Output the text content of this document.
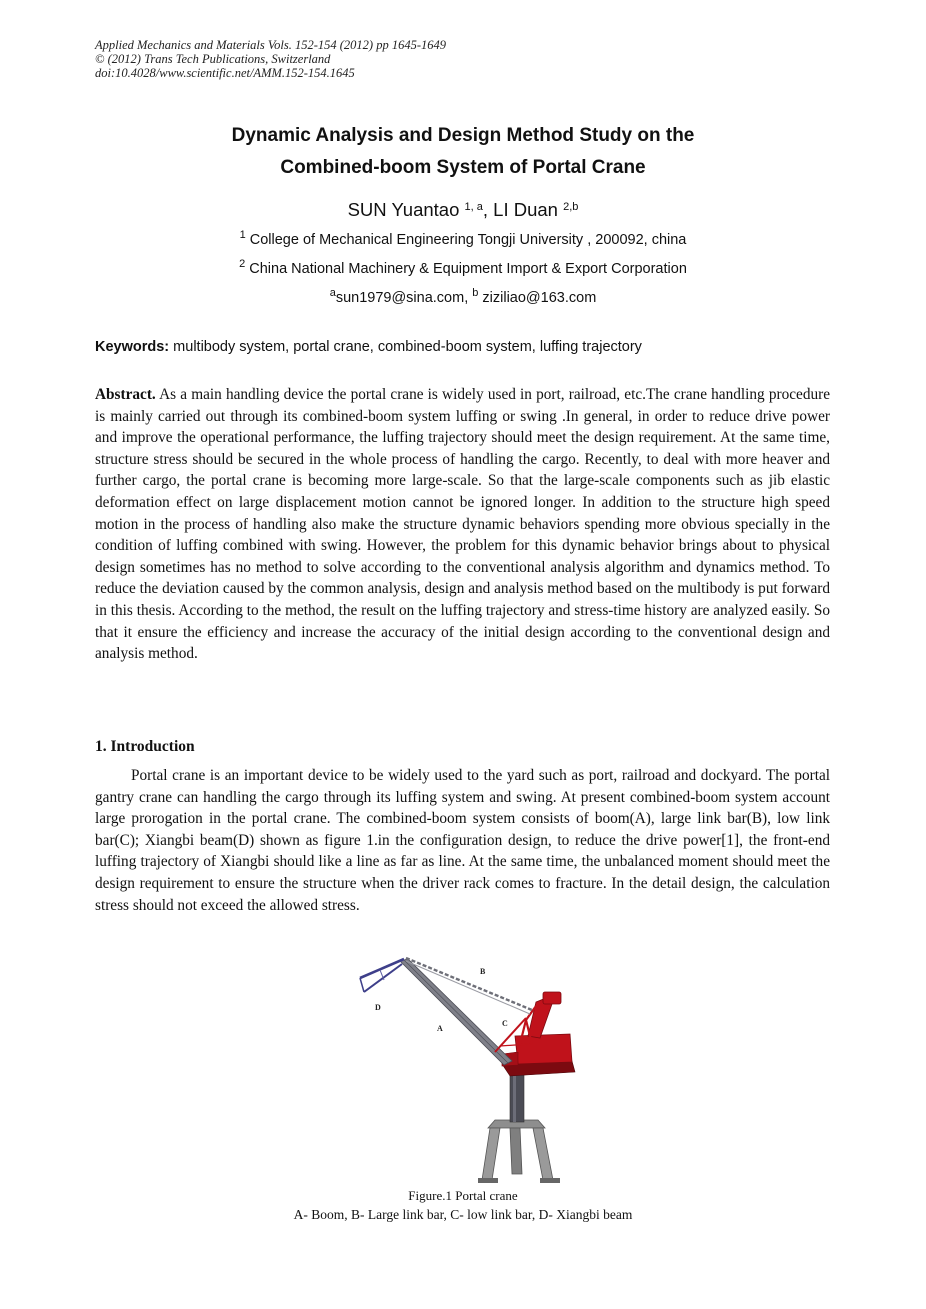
Applied Mechanics and Materials Vols. 152-154 (2012) pp 1645-1649
© (2012) Trans Tech Publications, Switzerland
doi:10.4028/www.scientific.net/AMM.152-154.1645
Dynamic Analysis and Design Method Study on the
Combined-boom System of Portal Crane
SUN Yuantao $^{1, a}$, LI Duan $^{2,b}$
$^1$ College of Mechanical Engineering Tongji University , 200092, china
$^2$ China National Machinery & Equipment Import & Export Corporation
$^a$sun1979@sina.com, $^b$ ziziliao@163.com
Keywords: multibody system, portal crane, combined-boom system, luffing trajectory
Abstract. As a main handling device the portal crane is widely used in port, railroad, etc.The crane handling procedure is mainly carried out through its combined-boom system luffing or swing .In general, in order to reduce drive power and improve the operational performance, the luffing trajectory should meet the design requirement. At the same time, structure stress should be secured in the whole process of handling the cargo. Recently, to deal with more heaver and further cargo, the portal crane is becoming more large-scale. So that the large-scale components such as jib elastic deformation effect on large displacement motion cannot be ignored longer. In addition to the structure high speed motion in the process of handling also make the structure dynamic behaviors spending more obvious specially in the condition of luffing combined with swing. However, the problem for this dynamic behavior brings about to physical design sometimes has no method to solve according to the conventional analysis algorithm and dynamics method. To reduce the deviation caused by the common analysis, design and analysis method based on the multibody is put forward in this thesis. According to the method, the result on the luffing trajectory and stress-time history are analyzed easily. So that it ensure the efficiency and increase the accuracy of the initial design according to the conventional design and analysis method.
1. Introduction
Portal crane is an important device to be widely used to the yard such as port, railroad and dockyard. The portal gantry crane can handling the cargo through its luffing system and swing. At present combined-boom system account large prorogation in the portal crane. The combined-boom system consists of boom(A), large link bar(B), low link bar(C); Xiangbi beam(D) shown as figure 1.in the configuration design, to reduce the drive power[1], the front-end luffing trajectory of Xiangbi should like a line as far as line. At the same time, the unbalanced moment should meet the design requirement to ensure the structure when the driver rack comes to fracture. In the detail design, the calculation stress should not exceed the allowed stress.
B
D
A
C
Figure.1 Portal crane
A- Boom, B- Large link bar, C- low link bar, D- Xiangbi beam
